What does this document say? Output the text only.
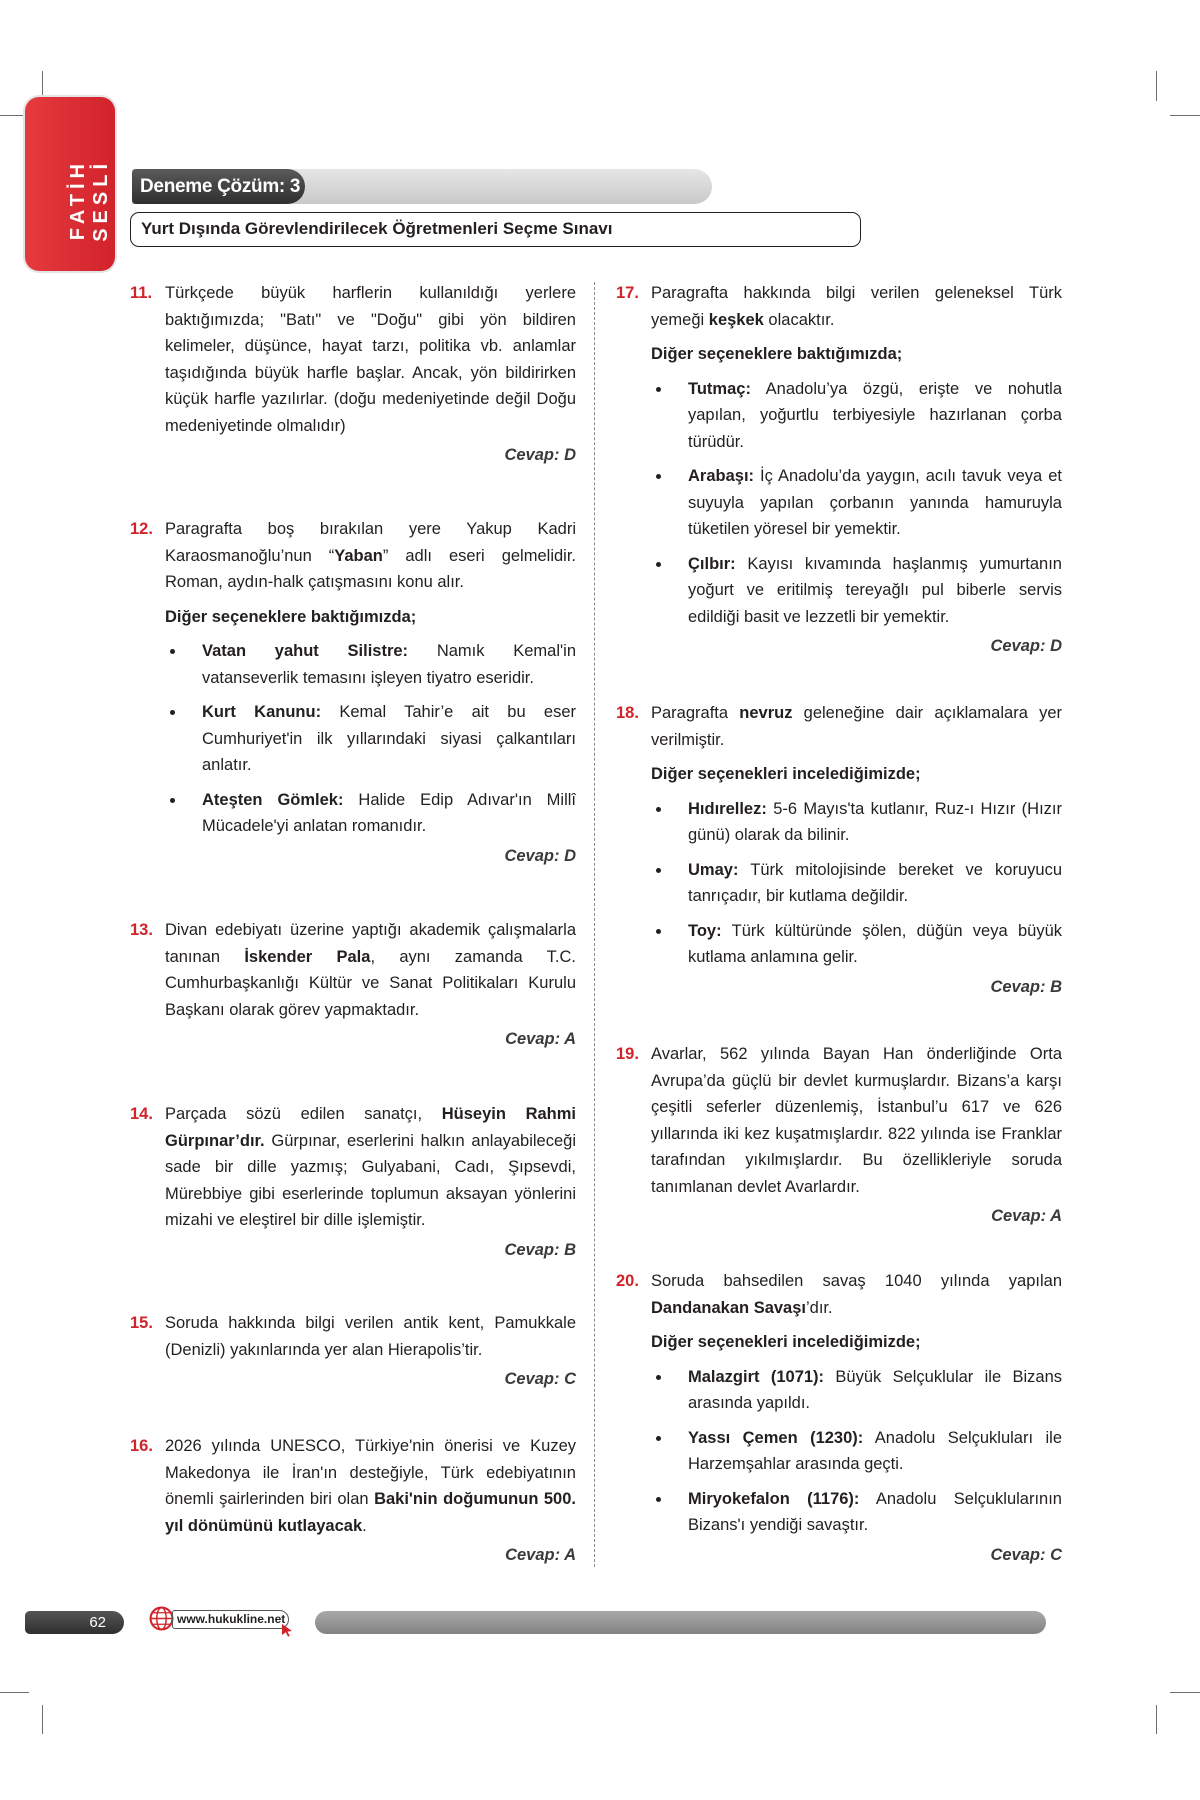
FATİH SESLİ	Deneme Çözüm: 3
Yurt Dışında Görevlendirilecek Öğretmenleri Seçme Sınavı
11. Türkçede büyük harflerin kullanıldığı yerlere baktığımızda; "Batı" ve "Doğu" gibi yön bildiren kelimeler, düşünce, hayat tarzı, politika vb. anlamlar taşıdığında büyük harfle başlar. Ancak, yön bildirirken küçük harfle yazılırlar. (doğu medeniyetinde değil Doğu medeniyetinde olmalıdır)

Cevap: D

12. Paragrafta boş bırakılan yere Yakup Kadri Karaosmanoğlu’nun “Yaban” adlı eseri gelmelidir. Roman, aydın-halk çatışmasını konu alır.

Diğer seçeneklere baktığımızda;

Vatan yahut Silistre: Namık Kemal'in vatanseverlik temasını işleyen tiyatro eseridir.
Kurt Kanunu: Kemal Tahir’e ait bu eser Cumhuriyet'in ilk yıllarındaki siyasi çalkantıları anlatır.
Ateşten Gömlek: Halide Edip Adıvar'ın Millî Mücadele'yi anlatan romanıdır.

Cevap: D

13. Divan edebiyatı üzerine yaptığı akademik çalışmalarla tanınan İskender Pala, aynı zamanda T.C. Cumhurbaşkanlığı Kültür ve Sanat Politikaları Kurulu Başkanı olarak görev yapmaktadır.

Cevap: A

14. Parçada sözü edilen sanatçı, Hüseyin Rahmi Gürpınar’dır. Gürpınar, eserlerini halkın anlayabileceği sade bir dille yazmış; Gulyabani, Cadı, Şıpsevdi, Mürebbiye gibi eserlerinde toplumun aksayan yönlerini mizahi ve eleştirel bir dille işlemiştir.

Cevap: B

15. Soruda hakkında bilgi verilen antik kent, Pamukkale (Denizli) yakınlarında yer alan Hierapolis’tir.

Cevap: C

16. 2026 yılında UNESCO, Türkiye'nin önerisi ve Kuzey Makedonya ile İran'ın desteğiyle, Türk edebiyatının önemli şairlerinden biri olan Baki'nin doğumunun 500. yıl dönümünü kutlayacak.

Cevap: A

17. Paragrafta hakkında bilgi verilen geleneksel Türk yemeği keşkek olacaktır.

Diğer seçeneklere baktığımızda;

Tutmaç: Anadolu’ya özgü, erişte ve nohutla yapılan, yoğurtlu terbiyesiyle hazırlanan çorba türüdür.
Arabaşı: İç Anadolu’da yaygın, acılı tavuk veya et suyuyla yapılan çorbanın yanında hamuruyla tüketilen yöresel bir yemektir.
Çılbır: Kayısı kıvamında haşlanmış yumurtanın yoğurt ve eritilmiş tereyağlı pul biberle servis edildiği basit ve lezzetli bir yemektir.

Cevap: D

18. Paragrafta nevruz geleneğine dair açıklamalara yer verilmiştir.

Diğer seçenekleri incelediğimizde;

Hıdırellez: 5-6 Mayıs'ta kutlanır, Ruz-ı Hızır (Hızır günü) olarak da bilinir.
Umay: Türk mitolojisinde bereket ve koruyucu tanrıçadır, bir kutlama değildir.
Toy: Türk kültüründe şölen, düğün veya büyük kutlama anlamına gelir.

Cevap: B

19. Avarlar, 562 yılında Bayan Han önderliğinde Orta Avrupa’da güçlü bir devlet kurmuşlardır. Bizans’a karşı çeşitli seferler düzenlemiş, İstanbul’u 617 ve 626 yıllarında iki kez kuşatmışlardır. 822 yılında ise Franklar tarafından yıkılmışlardır. Bu özellikleriyle soruda tanımlanan devlet Avarlardır.

Cevap: A

20. Soruda bahsedilen savaş 1040 yılında yapılan Dandanakan Savaşı’dır.

Diğer seçenekleri incelediğimizde;

Malazgirt (1071): Büyük Selçuklular ile Bizans arasında yapıldı.
Yassı Çemen (1230): Anadolu Selçukluları ile Harzemşahlar arasında geçti.
Miryokefalon (1176): Anadolu Selçuklularının Bizans'ı yendiği savaştır.

Cevap: C

62	www.hukukline.net
